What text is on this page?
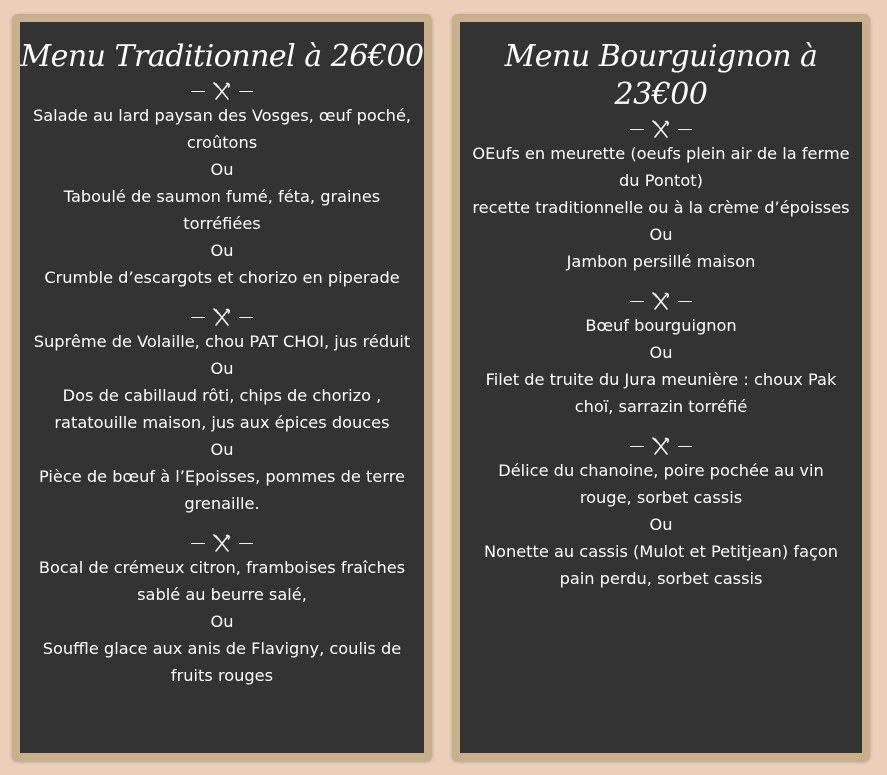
Menu Traditionnel à 26€00

Salade au lard paysan des Vosges, œuf poché, croûtons

Ou

Taboulé de saumon fumé, féta, graines torréfiées

Ou

Crumble d’escargots et chorizo en piperade

Suprême de Volaille, chou PAT CHOI, jus réduit

Ou

Dos de cabillaud rôti, chips de chorizo , ratatouille maison, jus aux épices douces

Ou

Pièce de bœuf à l’Epoisses, pommes de terre grenaille.

Bocal de crémeux citron, framboises fraîches sablé au beurre salé,

Ou

Souffle glace aux anis de Flavigny, coulis de fruits rouges

Menu Bourguignon à 23€00

OEufs en meurette (oeufs plein air de la ferme du Pontot)

recette traditionnelle ou à la crème d’époisses

Ou

Jambon persillé maison

Bœuf bourguignon

Ou

Filet de truite du Jura meunière : choux Pak choï, sarrazin torréfié

Délice du chanoine, poire pochée au vin rouge, sorbet cassis

Ou

Nonette au cassis (Mulot et Petitjean) façon pain perdu, sorbet cassis
